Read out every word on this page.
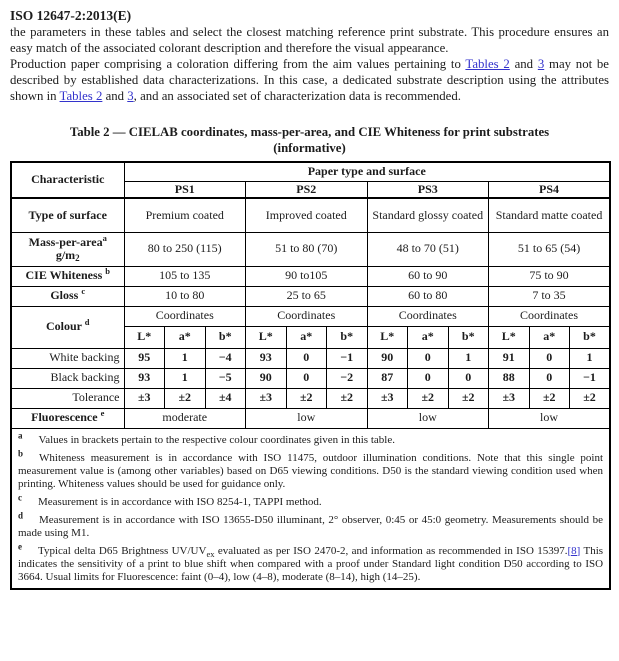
ISO 12647-2:2013(E)

the parameters in these tables and select the closest matching reference print substrate. This procedure ensures an easy match of the associated colorant description and therefore the visual appearance.

Production paper comprising a coloration differing from the aim values pertaining to Tables 2 and 3 may not be described by established data characterizations. In this case, a dedicated substrate description using the attributes shown in Tables 2 and 3, and an associated set of characterization data is recommended.

Table 2 — CIELAB coordinates, mass-per-area, and CIE Whiteness for print substrates
(informative)
Characteristic	Paper type and surface											
	PS1			PS2			PS3			PS4		
Type of surface	Premium coated			Improved coated			Standard glossy coated			Standard matte coated		
Mass-per-area$^a$
g/m2	80 to 250 (115)			51 to 80 (70)			48 to 70 (51)			51 to 65 (54)		
CIE Whiteness $^b$	105 to 135			90 to105			60 to 90			75 to 90		
Gloss $^c$	10 to 80			25 to 65			60 to 80			7 to 35		
Colour $^d$	Coordinates			Coordinates			Coordinates			Coordinates		
	L*	a*	b*	L*	a*	b*	L*	a*	b*	L*	a*	b*
White backing	95	1	−4	93	0	−1	90	0	1	91	0	1
Black backing	93	1	−5	90	0	−2	87	0	0	88	0	−1
Tolerance	±3	±2	±4	±3	±2	±2	±3	±2	±2	±3	±2	±2
Fluorescence $^e$	moderate			low			low			low		

$^a$ Values in brackets pertain to the respective colour coordinates given in this table.

$^b$ Whiteness measurement is in accordance with ISO 11475, outdoor illumination conditions. Note that this single point measurement value is (among other variables) based on D65 viewing conditions. D50 is the standard viewing condition used when printing. Whiteness values should be used for guidance only.

$^c$ Measurement is in accordance with ISO 8254-1, TAPPI method.

$^d$ Measurement is in accordance with ISO 13655-D50 illuminant, 2° observer, 0:45 or 45:0 geometry. Measurements should be made using M1.

$^e$ Typical delta D65 Brightness $UV/UV_{ex}$ evaluated as per ISO 2470-2, and information as recommended in ISO 15397.[8] This indicates the sensitivity of a print to blue shift when compared with a proof under Standard light condition D50 according to ISO 3664. Usual limits for Fluorescence: faint (0–4), low (4–8), moderate (8–14), high (14–25).												
